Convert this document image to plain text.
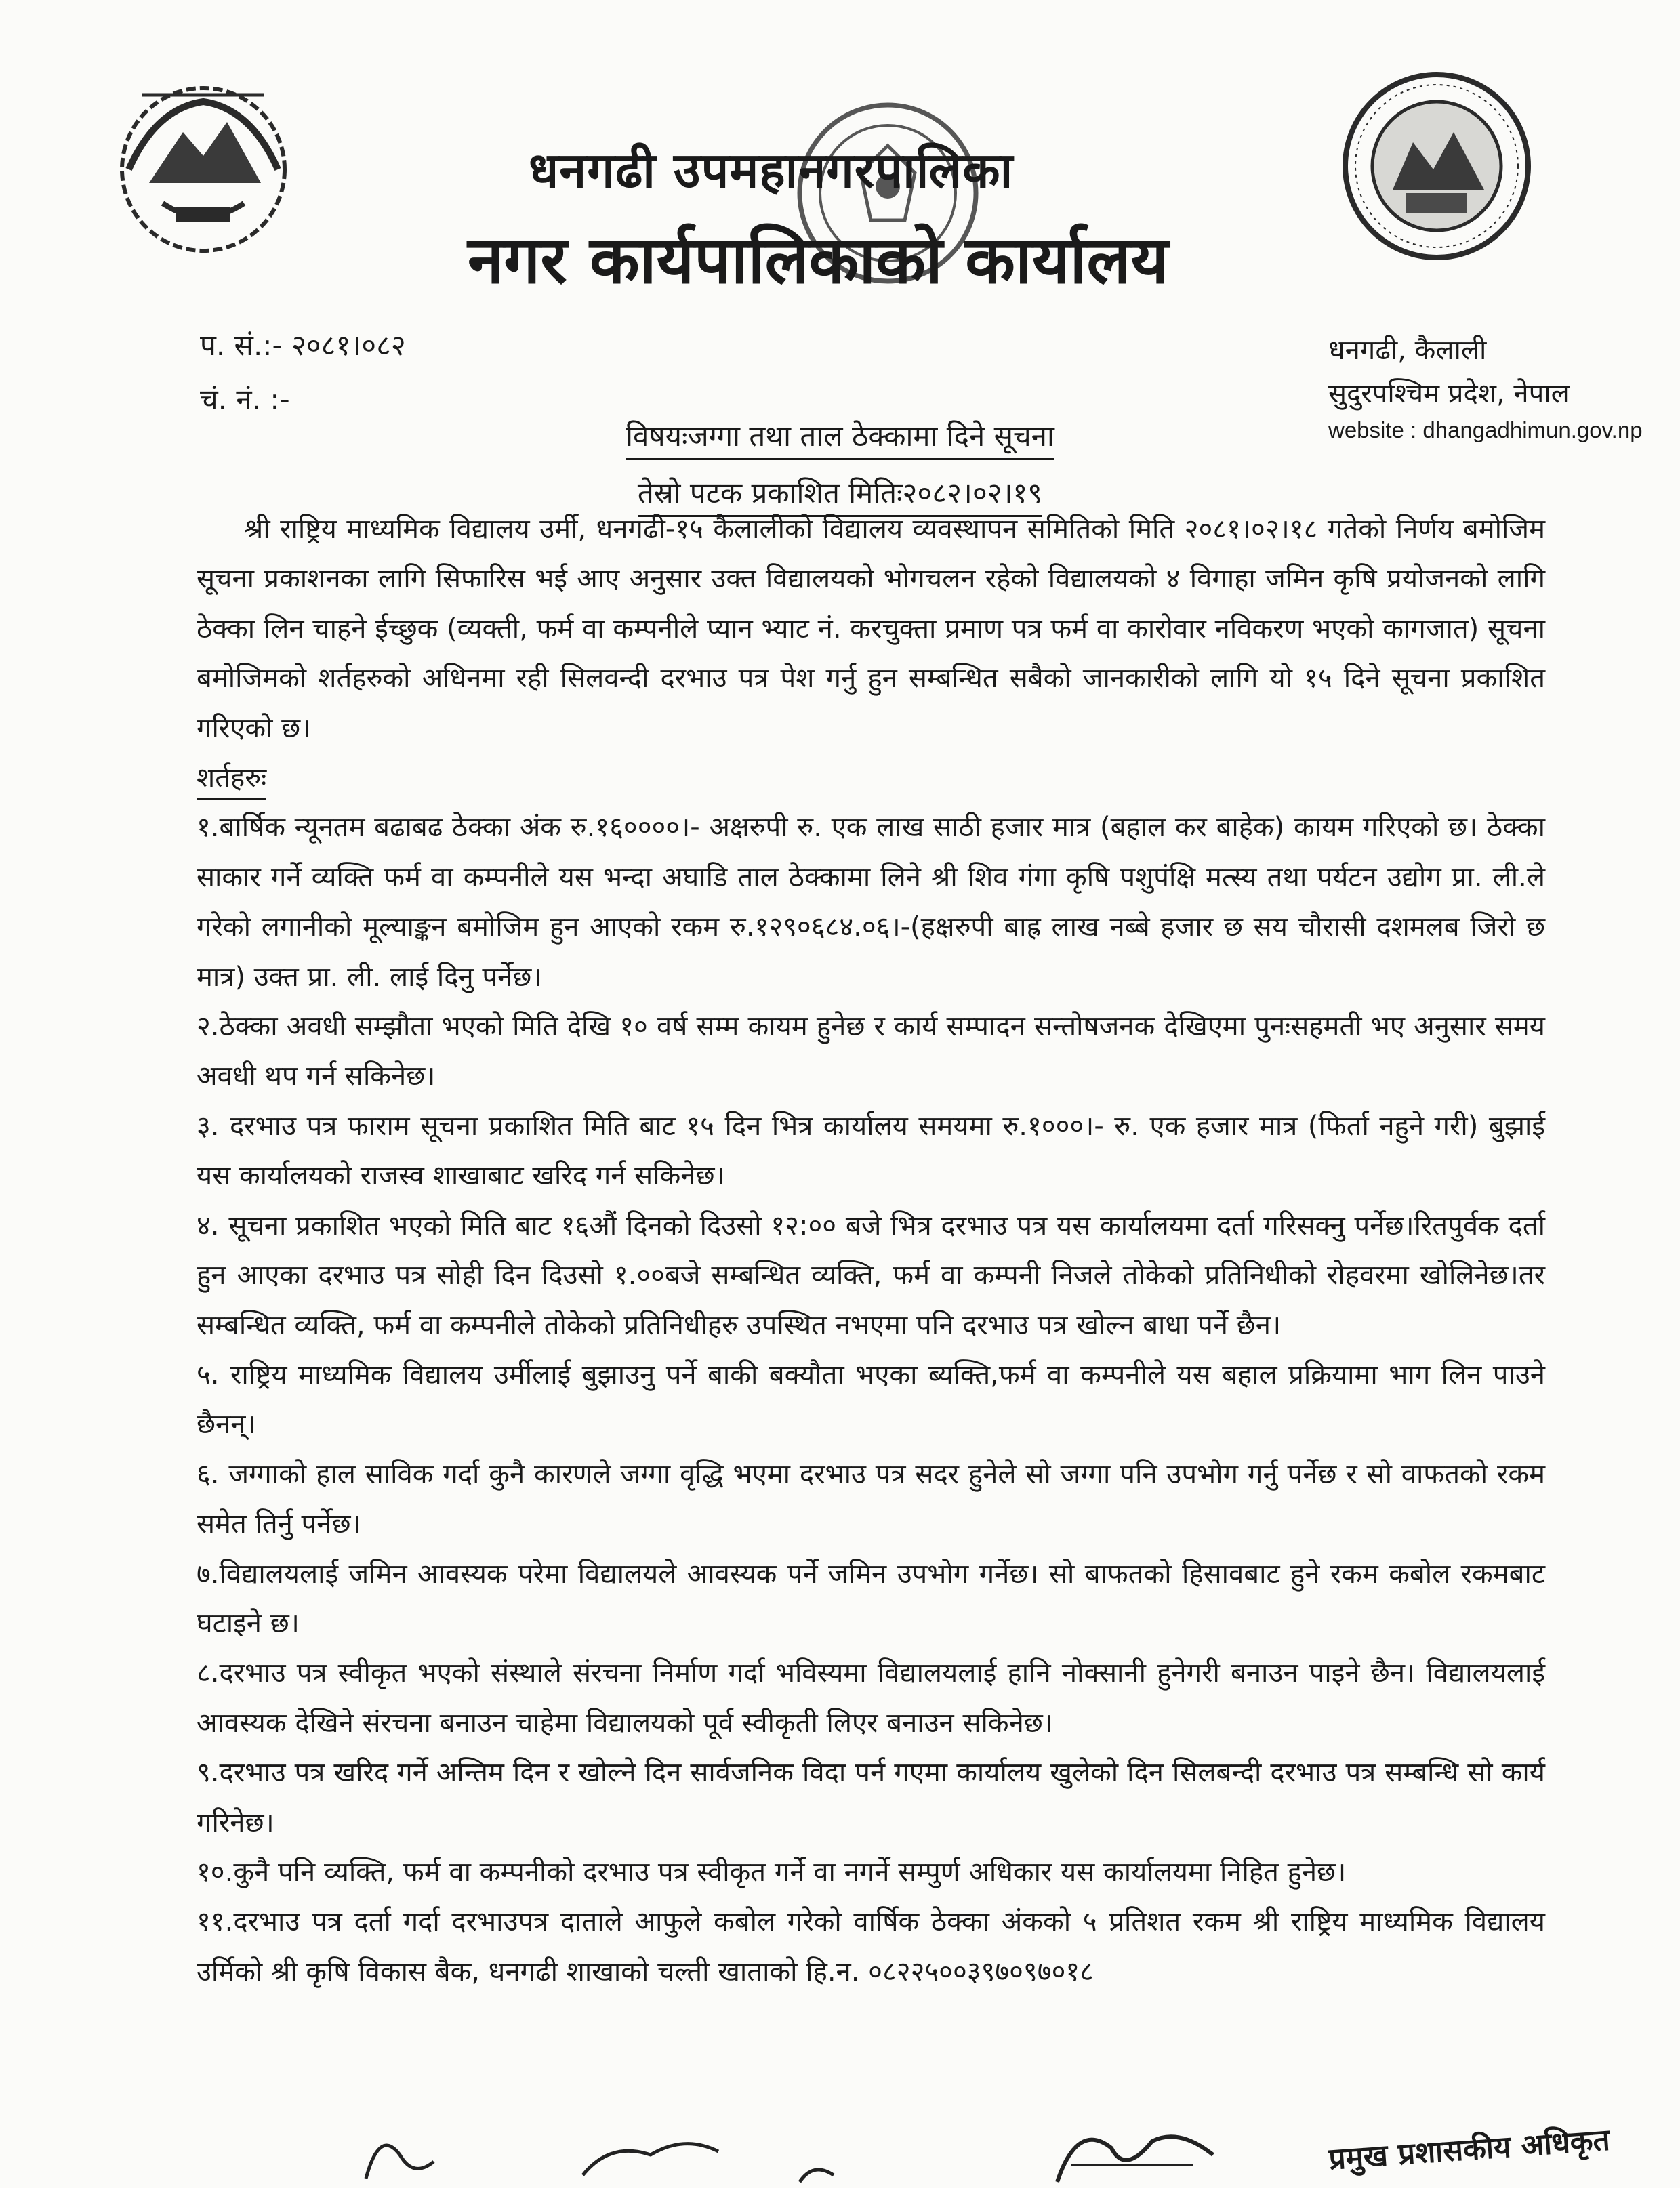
धनगढी उपमहानगरपालिका
नगर कार्यपालिकाको कार्यालय
प. सं.:- २०८१।०८२
चं. नं. :-
धनगढी, कैलाली
सुदुरपश्चिम प्रदेश, नेपाल
website : dhangadhimun.gov.np
विषयःजग्गा तथा ताल ठेक्कामा दिने सूचना
तेस्रो पटक प्रकाशित मितिः२०८२।०२।१९

श्री राष्ट्रिय माध्यमिक विद्यालय उर्मी, धनगढी-१५ कैलालीको विद्यालय व्यवस्थापन समितिको मिति २०८१।०२।१८ गतेको निर्णय बमोजिम सूचना प्रकाशनका लागि सिफारिस भई आए अनुसार उक्त विद्यालयको भोगचलन रहेको विद्यालयको ४ विगाहा जमिन कृषि प्रयोजनको लागि ठेक्का लिन चाहने ईच्छुक (व्यक्ती, फर्म वा कम्पनीले प्यान भ्याट नं. करचुक्ता प्रमाण पत्र फर्म वा कारोवार नविकरण भएको कागजात) सूचना बमोजिमको शर्तहरुको अधिनमा रही सिलवन्दी दरभाउ पत्र पेश गर्नु हुन सम्बन्धित सबैको जानकारीको लागि यो १५ दिने सूचना प्रकाशित गरिएको छ।

शर्तहरुः

१.बार्षिक न्यूनतम बढाबढ ठेक्का अंक रु.१६००००।- अक्षरुपी रु. एक लाख साठी हजार मात्र (बहाल कर बाहेक) कायम गरिएको छ। ठेक्का साकार गर्ने व्यक्ति फर्म वा कम्पनीले यस भन्दा अघाडि ताल ठेक्कामा लिने श्री शिव गंगा कृषि पशुपंक्षि मत्स्य तथा पर्यटन उद्योग प्रा. ली.ले गरेको लगानीको मूल्याङ्कन बमोजिम हुन आएको रकम रु.१२९०६८४.०६।-(हक्षरुपी बाह्र लाख नब्बे हजार छ सय चौरासी दशमलब जिरो छ मात्र) उक्त प्रा. ली. लाई दिनु पर्नेछ।

२.ठेक्का अवधी सम्झौता भएको मिति देखि १० वर्ष सम्म कायम हुनेछ र कार्य सम्पादन सन्तोषजनक देखिएमा पुनःसहमती भए अनुसार समय अवधी थप गर्न सकिनेछ।

३. दरभाउ पत्र फाराम सूचना प्रकाशित मिति बाट १५ दिन भित्र कार्यालय समयमा रु.१०००।- रु. एक हजार मात्र (फिर्ता नहुने गरी) बुझाई यस कार्यालयको राजस्व शाखाबाट खरिद गर्न सकिनेछ।

४. सूचना प्रकाशित भएको मिति बाट १६औं दिनको दिउसो १२:०० बजे भित्र दरभाउ पत्र यस कार्यालयमा दर्ता गरिसक्नु पर्नेछ।रितपुर्वक दर्ता हुन आएका दरभाउ पत्र सोही दिन दिउसो १.००बजे सम्बन्धित व्यक्ति, फर्म वा कम्पनी निजले तोकेको प्रतिनिधीको रोहवरमा खोलिनेछ।तर सम्बन्धित व्यक्ति, फर्म वा कम्पनीले तोकेको प्रतिनिधीहरु उपस्थित नभएमा पनि दरभाउ पत्र खोल्न बाधा पर्ने छैन।

५. राष्ट्रिय माध्यमिक विद्यालय उर्मीलाई बुझाउनु पर्ने बाकी बक्यौता भएका ब्यक्ति,फर्म वा कम्पनीले यस बहाल प्रक्रियामा भाग लिन पाउने छैनन्।

६. जग्गाको हाल साविक गर्दा कुनै कारणले जग्गा वृद्धि भएमा दरभाउ पत्र सदर हुनेले सो जग्गा पनि उपभोग गर्नु पर्नेछ र सो वाफतको रकम समेत तिर्नु पर्नेछ।

७.विद्यालयलाई जमिन आवस्यक परेमा विद्यालयले आवस्यक पर्ने जमिन उपभोग गर्नेछ। सो बाफतको हिसावबाट हुने रकम कबोल रकमबाट घटाइने छ।

८.दरभाउ पत्र स्वीकृत भएको संस्थाले संरचना निर्माण गर्दा भविस्यमा विद्यालयलाई हानि नोक्सानी हुनेगरी बनाउन पाइने छैन। विद्यालयलाई आवस्यक देखिने संरचना बनाउन चाहेमा विद्यालयको पूर्व स्वीकृती लिएर बनाउन सकिनेछ।

९.दरभाउ पत्र खरिद गर्ने अन्तिम दिन र खोल्ने दिन सार्वजनिक विदा पर्न गएमा कार्यालय खुलेको दिन सिलबन्दी दरभाउ पत्र सम्बन्धि सो कार्य गरिनेछ।

१०.कुनै पनि व्यक्ति, फर्म वा कम्पनीको दरभाउ पत्र स्वीकृत गर्ने वा नगर्ने सम्पुर्ण अधिकार यस कार्यालयमा निहित हुनेछ।

११.दरभाउ पत्र दर्ता गर्दा दरभाउपत्र दाताले आफुले कबोल गरेको वार्षिक ठेक्का अंकको ५ प्रतिशत रकम श्री राष्ट्रिय माध्यमिक विद्यालय उर्मिको श्री कृषि विकास बैक, धनगढी शाखाको चल्ती खाताको हि.न. ०८२२५००३९७०९७०१८

प्रमुख प्रशासकीय अधिकृत
